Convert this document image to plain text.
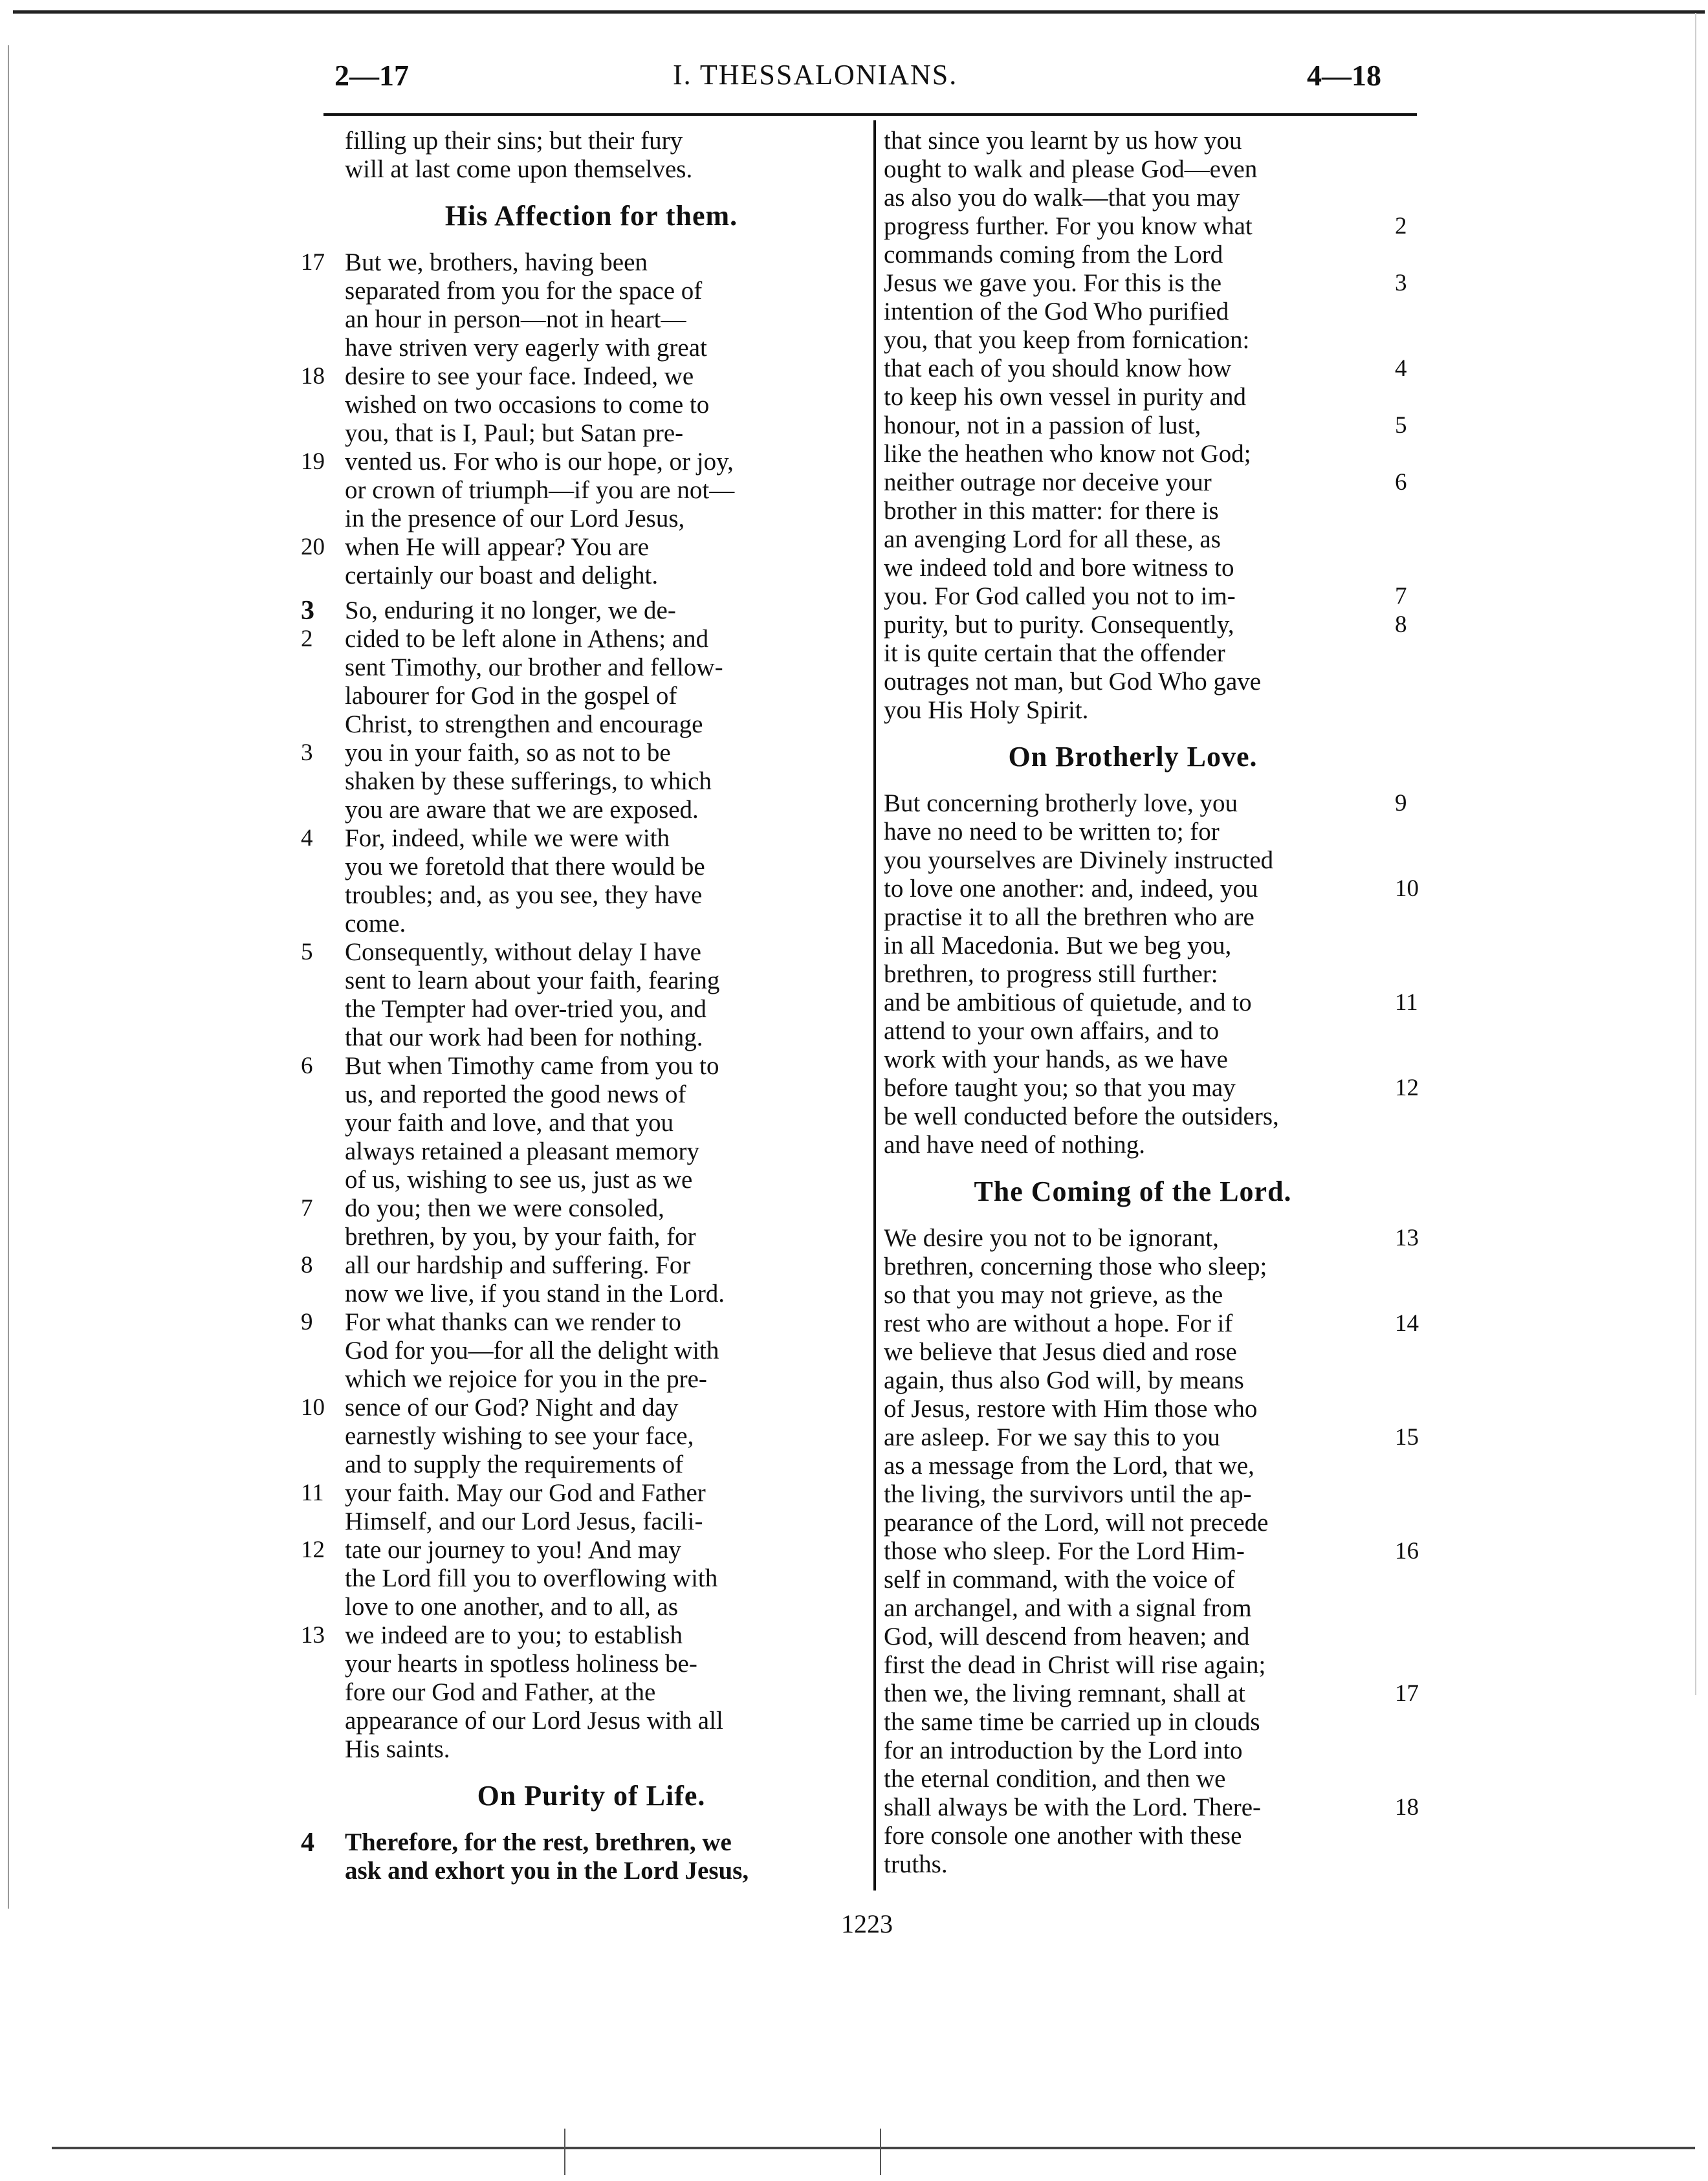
2—17	I. THESSALONIANS.	4—18
filling up their sins; but their fury
will at last come upon themselves.
His Affection for them.
17 But we, brothers, having been
separated from you for the space of
an hour in person—not in heart—
have striven very eagerly with great
18 desire to see your face. Indeed, we
wished on two occasions to come to
you, that is I, Paul; but Satan pre-
19 vented us. For who is our hope, or joy,
or crown of triumph—if you are not—
in the presence of our Lord Jesus,
20 when He will appear? You are
certainly our boast and delight.
3 So, enduring it no longer, we de-
2 cided to be left alone in Athens; and
sent Timothy, our brother and fellow-
labourer for God in the gospel of
Christ, to strengthen and encourage
3 you in your faith, so as not to be
shaken by these sufferings, to which
you are aware that we are exposed.
4 For, indeed, while we were with
you we foretold that there would be
troubles; and, as you see, they have
come.
5 Consequently, without delay I have
sent to learn about your faith, fearing
the Tempter had over-tried you, and
that our work had been for nothing.
6 But when Timothy came from you to
us, and reported the good news of
your faith and love, and that you
always retained a pleasant memory
of us, wishing to see us, just as we
7 do you; then we were consoled,
brethren, by you, by your faith, for
8 all our hardship and suffering. For
now we live, if you stand in the Lord.
9 For what thanks can we render to
God for you—for all the delight with
which we rejoice for you in the pre-
10 sence of our God? Night and day
earnestly wishing to see your face,
and to supply the requirements of
11 your faith. May our God and Father
Himself, and our Lord Jesus, facili-
12 tate our journey to you! And may
the Lord fill you to overflowing with
love to one another, and to all, as
13 we indeed are to you; to establish
your hearts in spotless holiness be-
fore our God and Father, at the
appearance of our Lord Jesus with all
His saints.
On Purity of Life.
4 Therefore, for the rest, brethren, we
ask and exhort you in the Lord Jesus,
that since you learnt by us how you
ought to walk and please God—even
as also you do walk—that you may
2
progress further. For you know what
commands coming from the Lord
3
Jesus we gave you. For this is the
intention of the God Who purified
you, that you keep from fornication:
4
that each of you should know how
to keep his own vessel in purity and
5
honour, not in a passion of lust,
like the heathen who know not God;
6
neither outrage nor deceive your
brother in this matter: for there is
an avenging Lord for all these, as
we indeed told and bore witness to
7
you. For God called you not to im-
8
purity, but to purity. Consequently,
it is quite certain that the offender
outrages not man, but God Who gave
you His Holy Spirit.
On Brotherly Love.
9
But concerning brotherly love, you
have no need to be written to; for
you yourselves are Divinely instructed
10
to love one another: and, indeed, you
practise it to all the brethren who are
in all Macedonia. But we beg you,
brethren, to progress still further:
11
and be ambitious of quietude, and to
attend to your own affairs, and to
work with your hands, as we have
12
before taught you; so that you may
be well conducted before the outsiders,
and have need of nothing.
The Coming of the Lord.
13
We desire you not to be ignorant,
brethren, concerning those who sleep;
so that you may not grieve, as the
14
rest who are without a hope. For if
we believe that Jesus died and rose
again, thus also God will, by means
of Jesus, restore with Him those who
15
are asleep. For we say this to you
as a message from the Lord, that we,
the living, the survivors until the ap-
pearance of the Lord, will not precede
16
those who sleep. For the Lord Him-
self in command, with the voice of
an archangel, and with a signal from
God, will descend from heaven; and
first the dead in Christ will rise again;
17
then we, the living remnant, shall at
the same time be carried up in clouds
for an introduction by the Lord into
the eternal condition, and then we
18
shall always be with the Lord. There-
fore console one another with these
truths.
1223
